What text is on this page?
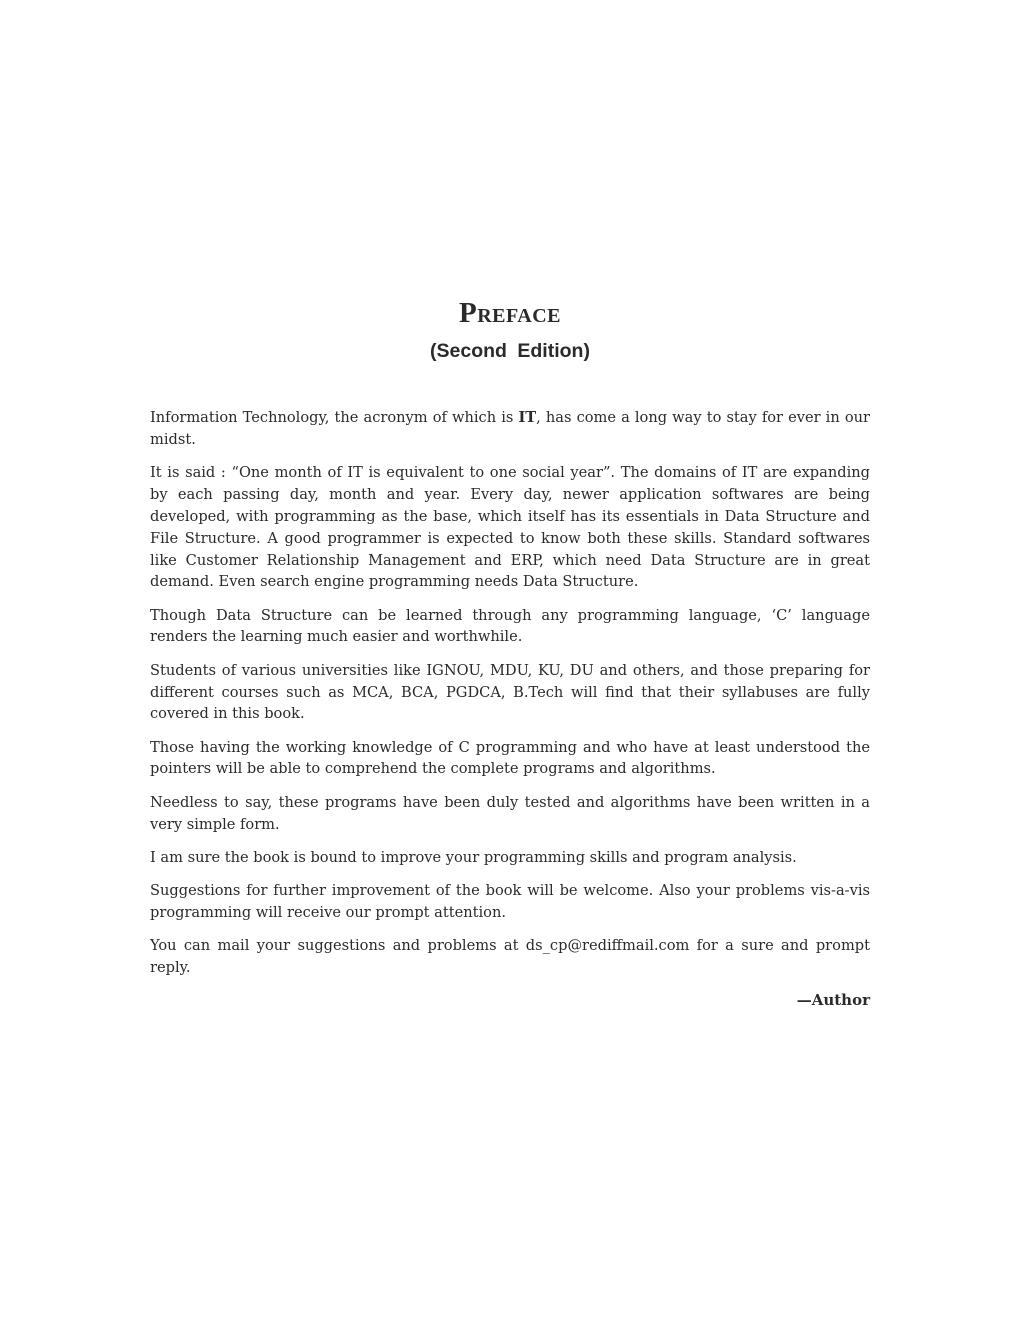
Preface
(Second Edition)

Information Technology, the acronym of which is IT, has come a long way to stay for ever in our midst.

It is said : “One month of IT is equivalent to one social year”. The domains of IT are expanding by each passing day, month and year. Every day, newer application softwares are being developed, with programming as the base, which itself has its essentials in Data Structure and File Structure. A good programmer is expected to know both these skills. Standard softwares like Customer Relationship Management and ERP, which need Data Structure are in great demand. Even search engine programming needs Data Structure.

Though Data Structure can be learned through any programming language, ‘C’ language renders the learning much easier and worthwhile.

Students of various universities like IGNOU, MDU, KU, DU and others, and those preparing for different courses such as MCA, BCA, PGDCA, B.Tech will find that their syllabuses are fully covered in this book.

Those having the working knowledge of C programming and who have at least understood the pointers will be able to comprehend the complete programs and algorithms.

Needless to say, these programs have been duly tested and algorithms have been written in a very simple form.

I am sure the book is bound to improve your programming skills and program analysis.

Suggestions for further improvement of the book will be welcome. Also your problems vis-a-vis programming will receive our prompt attention.

You can mail your suggestions and problems at ds_cp@rediffmail.com for a sure and prompt reply.

—Author
